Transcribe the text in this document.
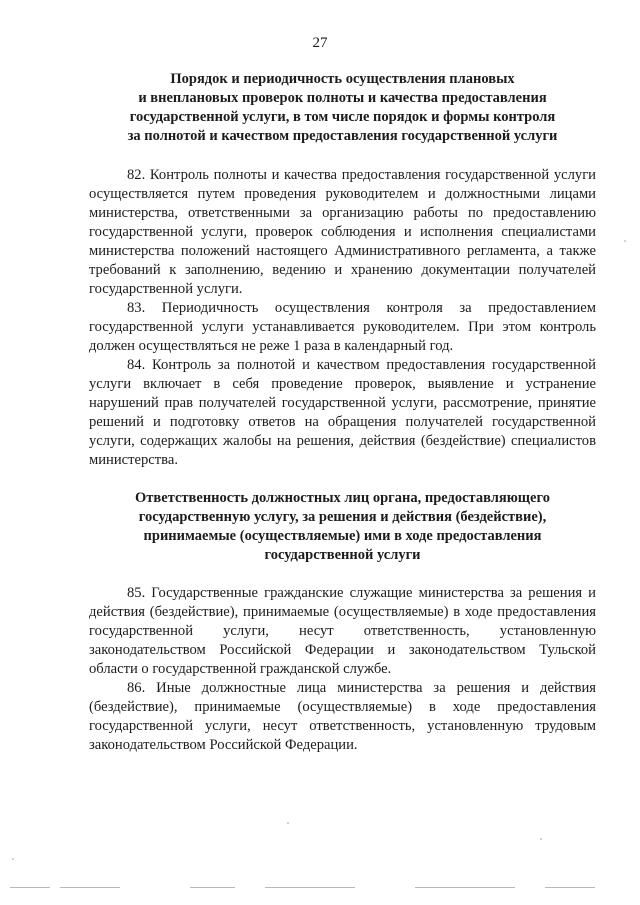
27
Порядок и периодичность осуществления плановых
и внеплановых проверок полноты и качества предоставления
государственной услуги, в том числе порядок и формы контроля
за полнотой и качеством предоставления государственной услуги

82. Контроль полноты и качества предоставления государственной услуги осуществляется путем проведения руководителем и должностными лицами министерства, ответственными за организацию работы по предоставлению государственной услуги, проверок соблюдения и исполнения специалистами министерства положений настоящего Административного регламента, а также требований к заполнению, ведению и хранению документации получателей государственной услуги.

83. Периодичность осуществления контроля за предоставлением государственной услуги устанавливается руководителем. При этом контроль должен осуществляться не реже 1 раза в календарный год.

84. Контроль за полнотой и качеством предоставления государственной услуги включает в себя проведение проверок, выявление и устранение нарушений прав получателей государственной услуги, рассмотрение, принятие решений и подготовку ответов на обращения получателей государственной услуги, содержащих жалобы на решения, действия (бездействие) специалистов министерства.

Ответственность должностных лиц органа, предоставляющего
государственную услугу, за решения и действия (бездействие),
принимаемые (осуществляемые) ими в ходе предоставления
государственной услуги

85. Государственные гражданские служащие министерства за решения и действия (бездействие), принимаемые (осуществляемые) в ходе предоставления государственной услуги, несут ответственность, установленную законодательством Российской Федерации и законодательством Тульской области о государственной гражданской службе.

86. Иные должностные лица министерства за решения и действия (бездействие), принимаемые (осуществляемые) в ходе предоставления государственной услуги, несут ответственность, установленную трудовым законодательством Российской Федерации.
